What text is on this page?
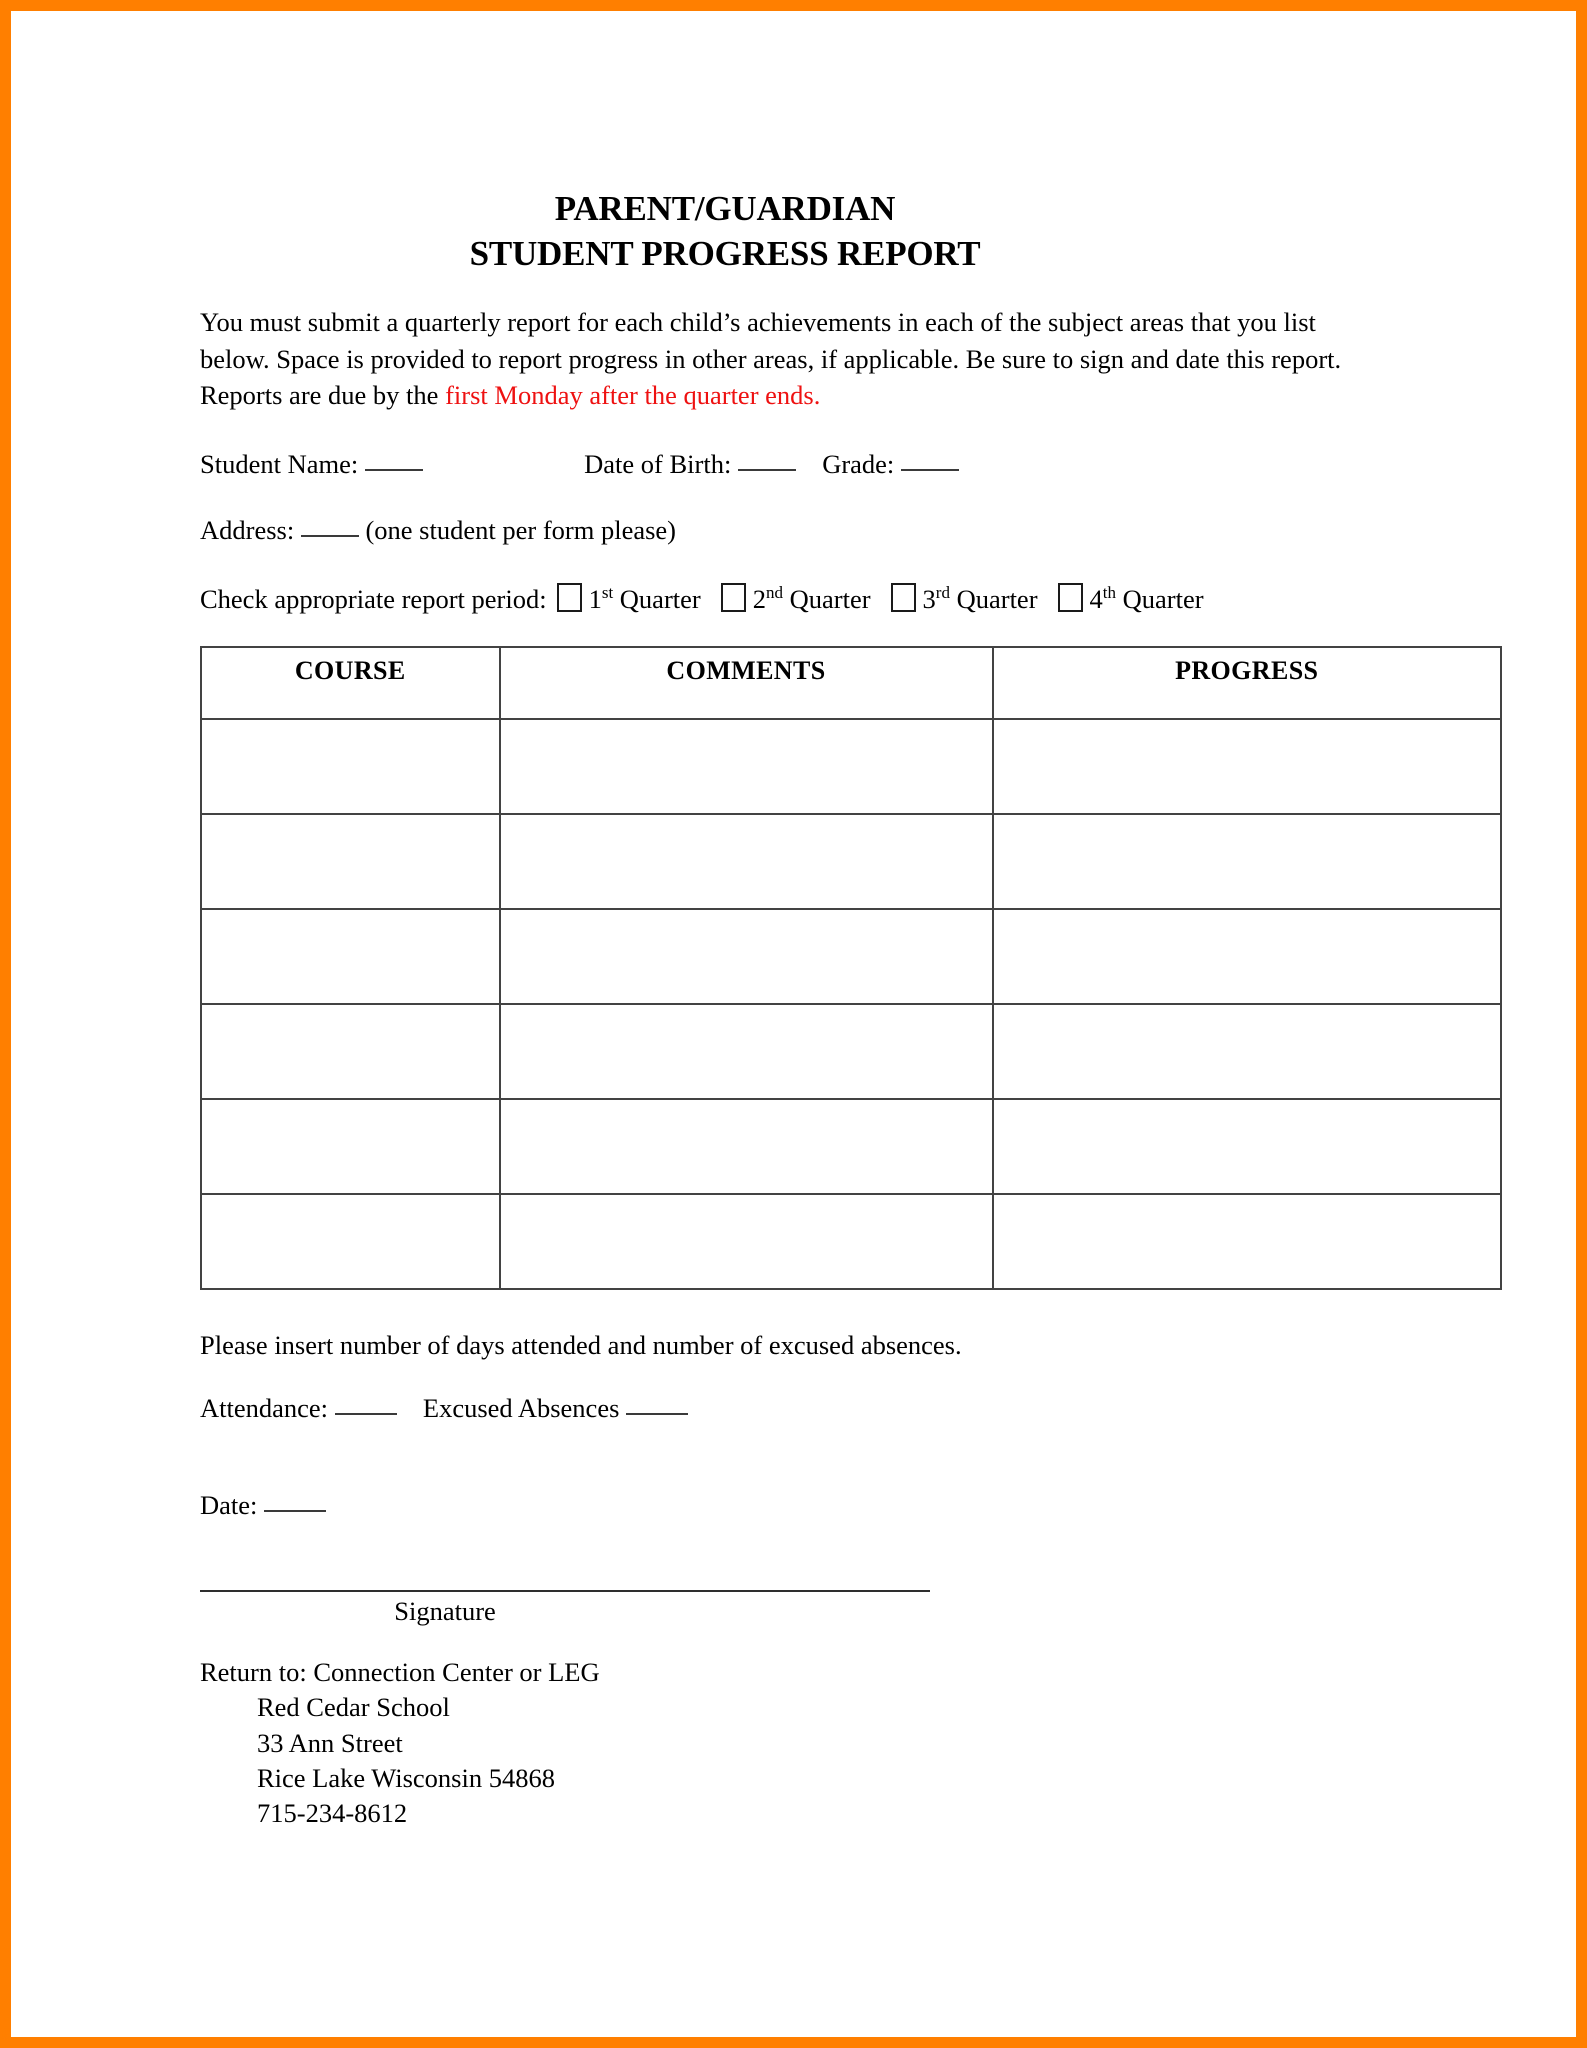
PARENT/GUARDIAN
STUDENT PROGRESS REPORT

You must submit a quarterly report for each child’s achievements in each of the subject areas that you list below. Space is provided to report progress in other areas, if applicable. Be sure to sign and date this report. Reports are due by the first Monday after the quarter ends.

Student Name:	Date of Birth:	Grade:
Address:	(one student per form please)
Check appropriate report period: 1st Quarter 2nd Quarter 3rd Quarter 4th Quarter
COURSE	COMMENTS	PROGRESS

Please insert number of days attended and number of excused absences.
Attendance:	Excused Absences
Date:
Signature
Return to: Connection Center or LEG
Red Cedar School
33 Ann Street
Rice Lake Wisconsin 54868
715-234-8612
